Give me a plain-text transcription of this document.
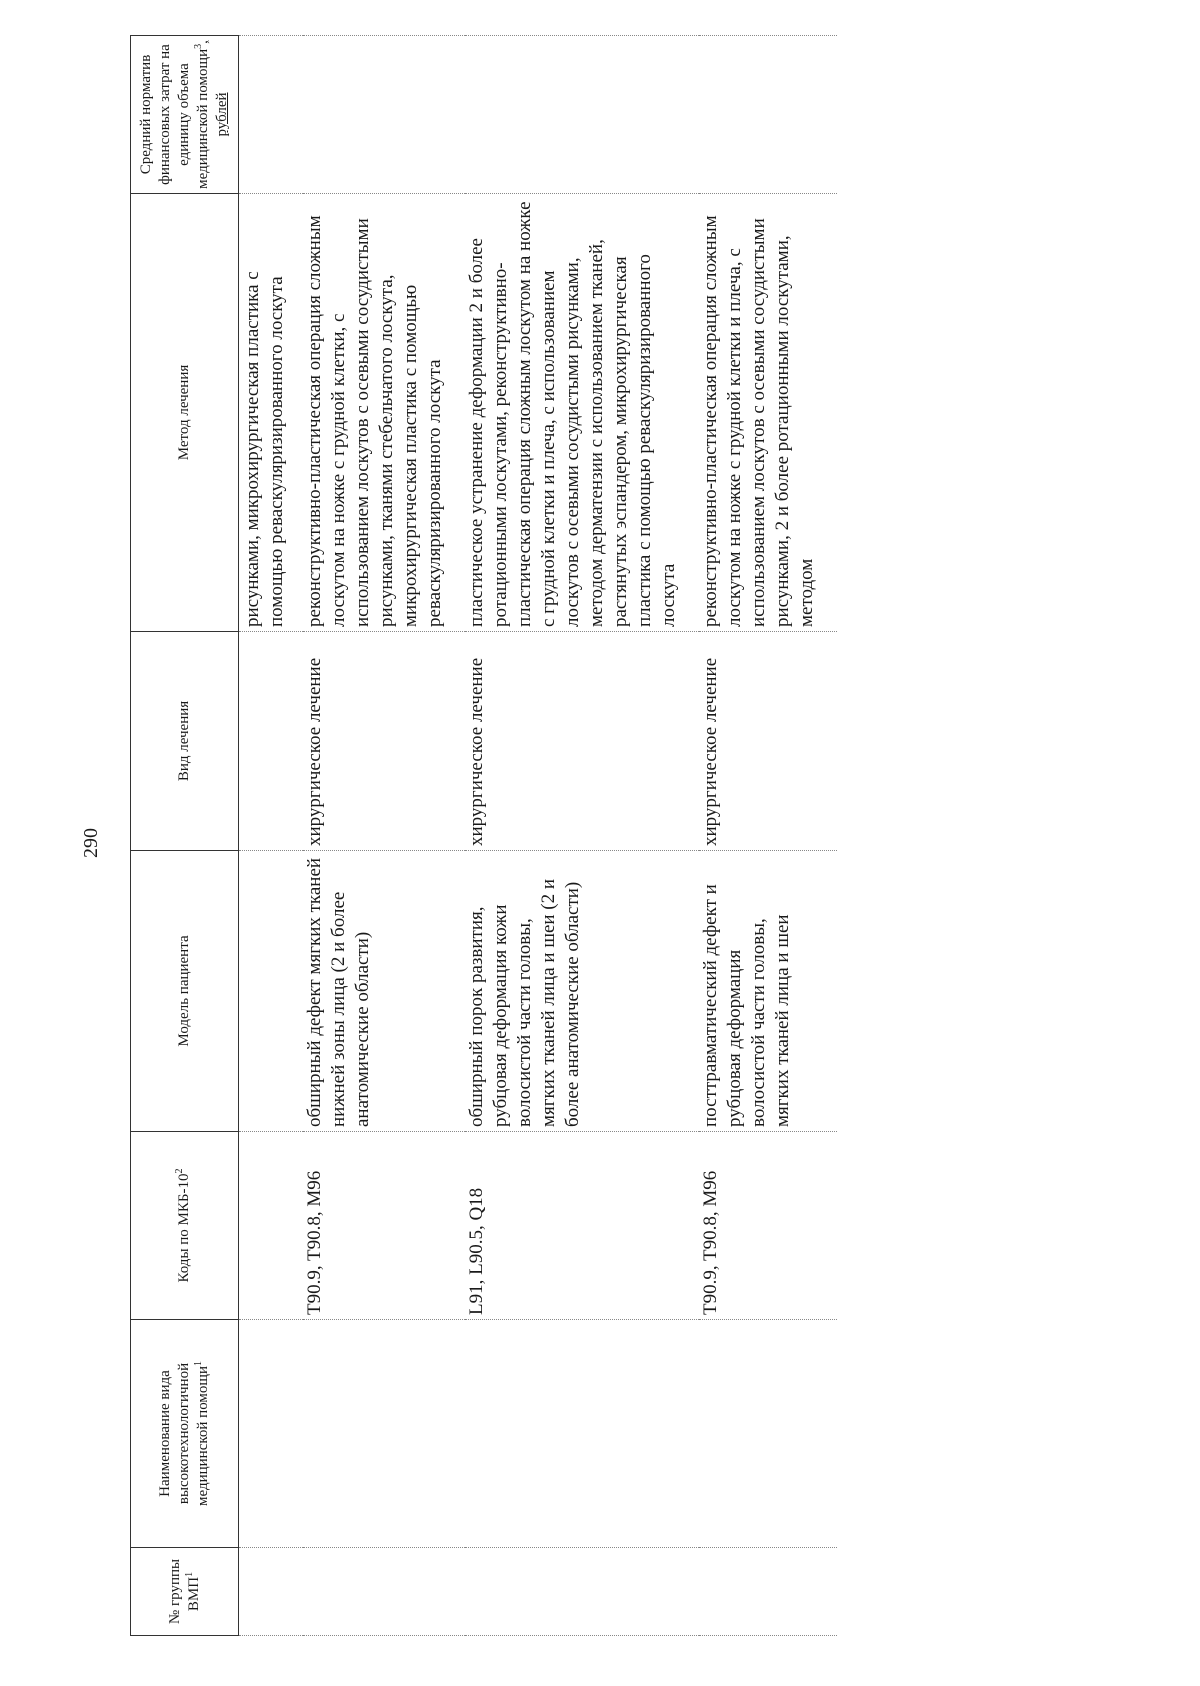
290
№ группы ВМП$^1$	Наименование вида высокотехнологичной медицинской помощи$^1$	Коды по МКБ-$10^2$	Модель пациента	Вид лечения	Метод лечения	Средний норматив финансовых затрат на единицу объема медицинской помощи$^3$, рублей
					рисунками, микрохирургическая пластика с помощью реваскуляризированного лоскута	
		T90.9, T90.8, M96	обширный дефект мягких тканей нижней зоны лица (2 и более анатомические области)	хирургическое лечение	реконструктивно-пластическая операция сложным лоскутом на ножке с грудной клетки, с использованием лоскутов с осевыми сосудистыми рисунками, тканями стебельчатого лоскута, микрохирургическая пластика с помощью реваскуляризированного лоскута	
		L91, L90.5, Q18	обширный порок развития, рубцовая деформация кожи волосистой части головы, мягких тканей лица и шеи (2 и более анатомические области)	хирургическое лечение	пластическое устранение деформации 2 и более ротационными лоскутами, реконструктивно-пластическая операция сложным лоскутом на ножке с грудной клетки и плеча, с использованием лоскутов с осевыми сосудистыми рисунками, методом дерматензии с использованием тканей, растянутых эспандером, микрохирургическая пластика с помощью реваскуляризированного лоскута	
		T90.9, T90.8, M96	посттравматический дефект и рубцовая деформация волосистой части головы, мягких тканей лица и шеи	хирургическое лечение	реконструктивно-пластическая операция сложным лоскутом на ножке с грудной клетки и плеча, с использованием лоскутов с осевыми сосудистыми рисунками, 2 и более ротационными лоскутами, методом	
